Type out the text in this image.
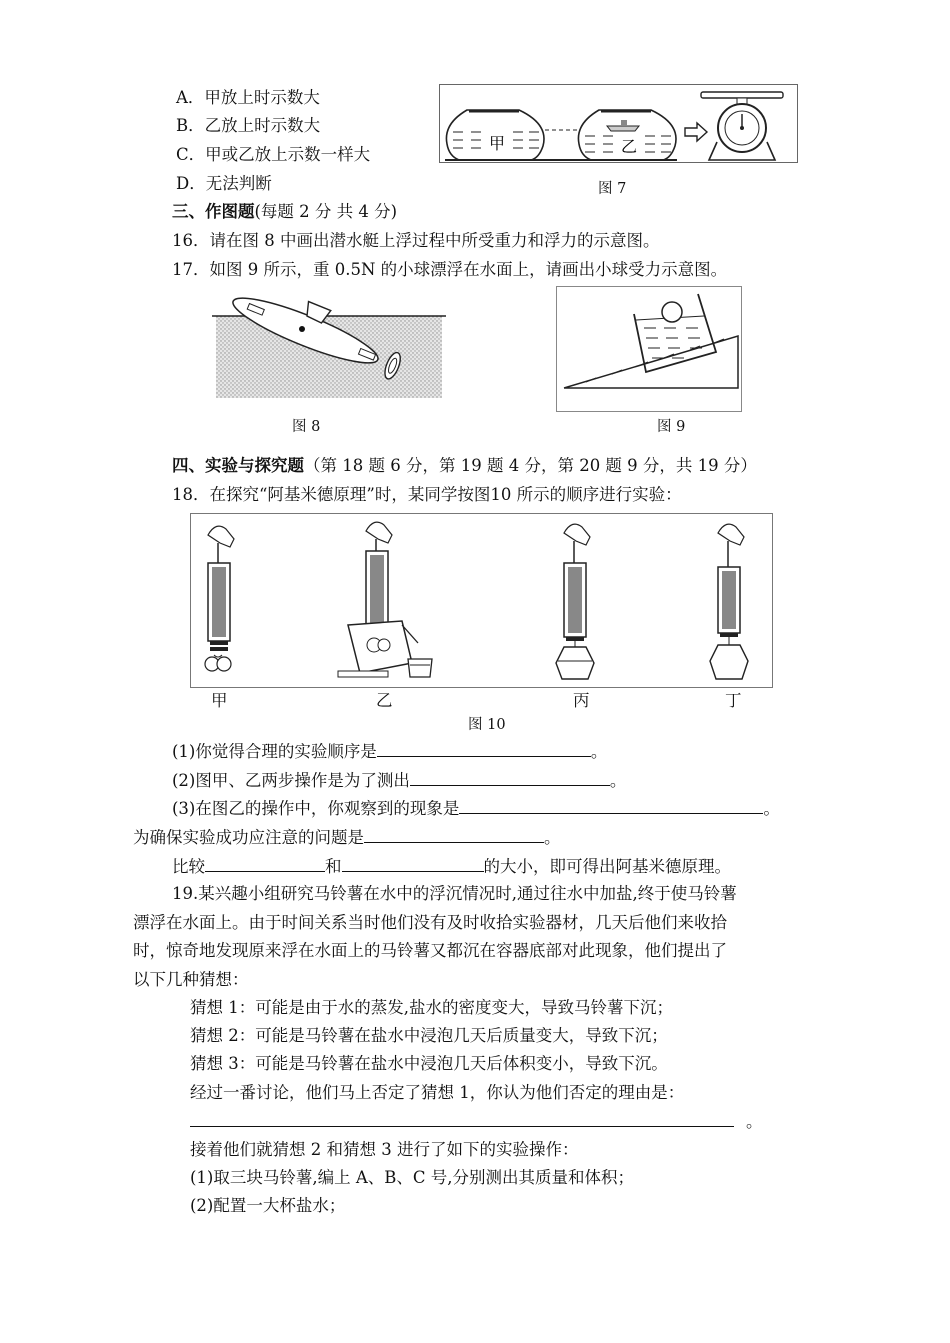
A．甲放上时示数大
B．乙放上时示数大
C．甲或乙放上示数一样大
D．无法判断
甲	乙
图 7
三、作图题(每题 2 分 共 4 分)
16．请在图 8 中画出潜水艇上浮过程中所受重力和浮力的示意图。
17．如图 9 所示，重 0.5N 的小球漂浮在水面上，请画出小球受力示意图。
图 8	图 9
四、实验与探究题（第 18 题 6 分，第 19 题 4 分，第 20 题 9 分，共 19 分）
18．在探究“阿基米德原理”时，某同学按图10 所示的顺序进行实验：
甲	乙	丙	丁
图 10
(1)你觉得合理的实验顺序是	。
(2)图甲、乙两步操作是为了测出	。
(3)在图乙的操作中，你观察到的现象是	。
为确保实验成功应注意的问题是	。
比较	和	的大小，即可得出阿基米德原理。
19.某兴趣小组研究马铃薯在水中的浮沉情况时,通过往水中加盐,终于使马铃薯
漂浮在水面上。由于时间关系当时他们没有及时收拾实验器材，几天后他们来收拾
时，惊奇地发现原来浮在水面上的马铃薯又都沉在容器底部对此现象，他们提出了
以下几种猜想：
猜想 1：可能是由于水的蒸发,盐水的密度变大，导致马铃薯下沉；
猜想 2：可能是马铃薯在盐水中浸泡几天后质量变大，导致下沉；
猜想 3：可能是马铃薯在盐水中浸泡几天后体积变小，导致下沉。
经过一番讨论，他们马上否定了猜想 1，你认为他们否定的理由是：
。
接着他们就猜想 2 和猜想 3 进行了如下的实验操作：
(1)取三块马铃薯,编上 A、B、C 号,分别测出其质量和体积；
(2)配置一大杯盐水；
